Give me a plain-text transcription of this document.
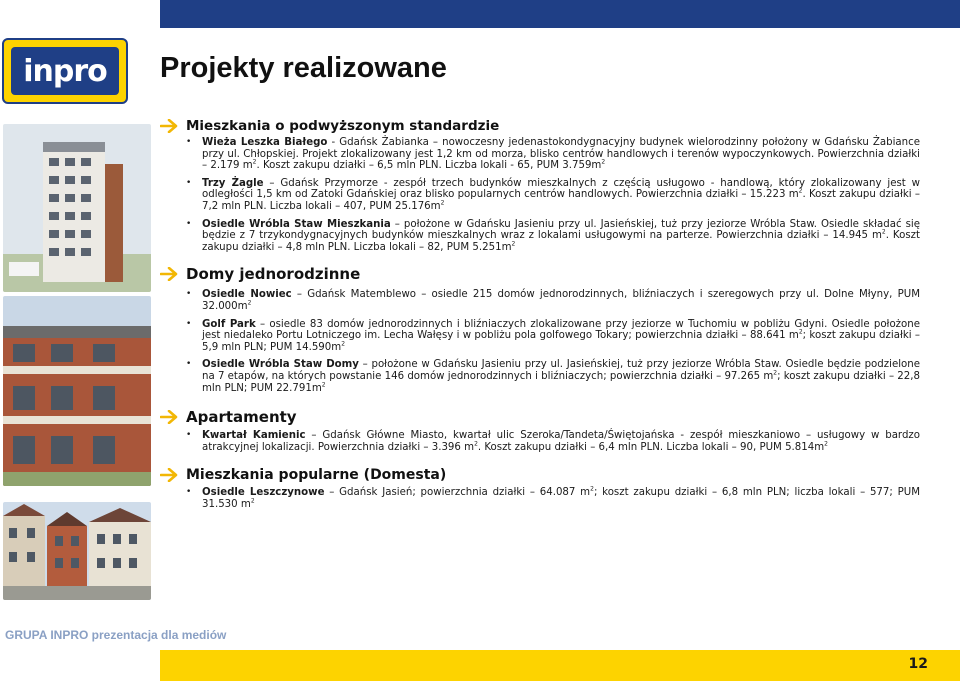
inpro	Projekty realizowane
Mieszkania o podwyższonym standardzie
• Wieża Leszka Białego - Gdańsk Żabianka – nowoczesny jedenastokondygnacyjny budynek wielorodzinny położony w Gdańsku Żabiance przy ul. Chłopskiej. Projekt zlokalizowany jest 1,2 km od morza, blisko centrów handlowych i terenów wypoczynkowych. Powierzchnia działki – 2.179 $m^2$. Koszt zakupu działki – 6,5 mln PLN. Liczba lokali - 65, PUM $3.759m^2$
• Trzy Żagle – Gdańsk Przymorze - zespół trzech budynków mieszkalnych z częścią usługowo - handlową, który zlokalizowany jest w odległości 1,5 km od Zatoki Gdańskiej oraz blisko popularnych centrów handlowych. Powierzchnia działki – 15.223 $m^2$. Koszt zakupu działki – 7,2 mln PLN. Liczba lokali – 407, PUM $25.176m^2$
• Osiedle Wróbla Staw Mieszkania – położone w Gdańsku Jasieniu przy ul. Jasieńskiej, tuż przy jeziorze Wróbla Staw. Osiedle składać się będzie z 7 trzykondygnacyjnych budynków mieszkalnych wraz z lokalami usługowymi na parterze. Powierzchnia działki – 14.945 $m^2$. Koszt zakupu działki – 4,8 mln PLN. Liczba lokali – 82, PUM $5.251m^2$
Domy jednorodzinne
• Osiedle Nowiec – Gdańsk Matemblewo – osiedle 215 domów jednorodzinnych, bliźniaczych i szeregowych przy ul. Dolne Młyny, PUM $32.000m^2$
• Golf Park – osiedle 83 domów jednorodzinnych i bliźniaczych zlokalizowane przy jeziorze w Tuchomiu w pobliżu Gdyni. Osiedle położone jest niedaleko Portu Lotniczego im. Lecha Wałęsy i w pobliżu pola golfowego Tokary; powierzchnia działki – 88.641 $m^2$; koszt zakupu działki – 5,9 mln PLN; PUM $14.590m^2$
• Osiedle Wróbla Staw Domy – położone w Gdańsku Jasieniu przy ul. Jasieńskiej, tuż przy jeziorze Wróbla Staw. Osiedle będzie podzielone na 7 etapów, na których powstanie 146 domów jednorodzinnych i bliźniaczych; powierzchnia działki – 97.265 $m^2$; koszt zakupu działki – 22,8 mln PLN; PUM $22.791m^2$
Apartamenty
• Kwartał Kamienic – Gdańsk Główne Miasto, kwartał ulic Szeroka/Tandeta/Świętojańska - zespół mieszkaniowo – usługowy w bardzo atrakcyjnej lokalizacji. Powierzchnia działki – 3.396 $m^2$. Koszt zakupu działki – 6,4 mln PLN. Liczba lokali – 90, PUM $5.814m^2$
Mieszkania popularne (Domesta)
• Osiedle Leszczynowe – Gdańsk Jasień; powierzchnia działki – 64.087 $m^2$; koszt zakupu działki – 6,8 mln PLN; liczba lokali – 577; PUM 31.530 $m^2$
GRUPA INPRO prezentacja dla mediów
12
